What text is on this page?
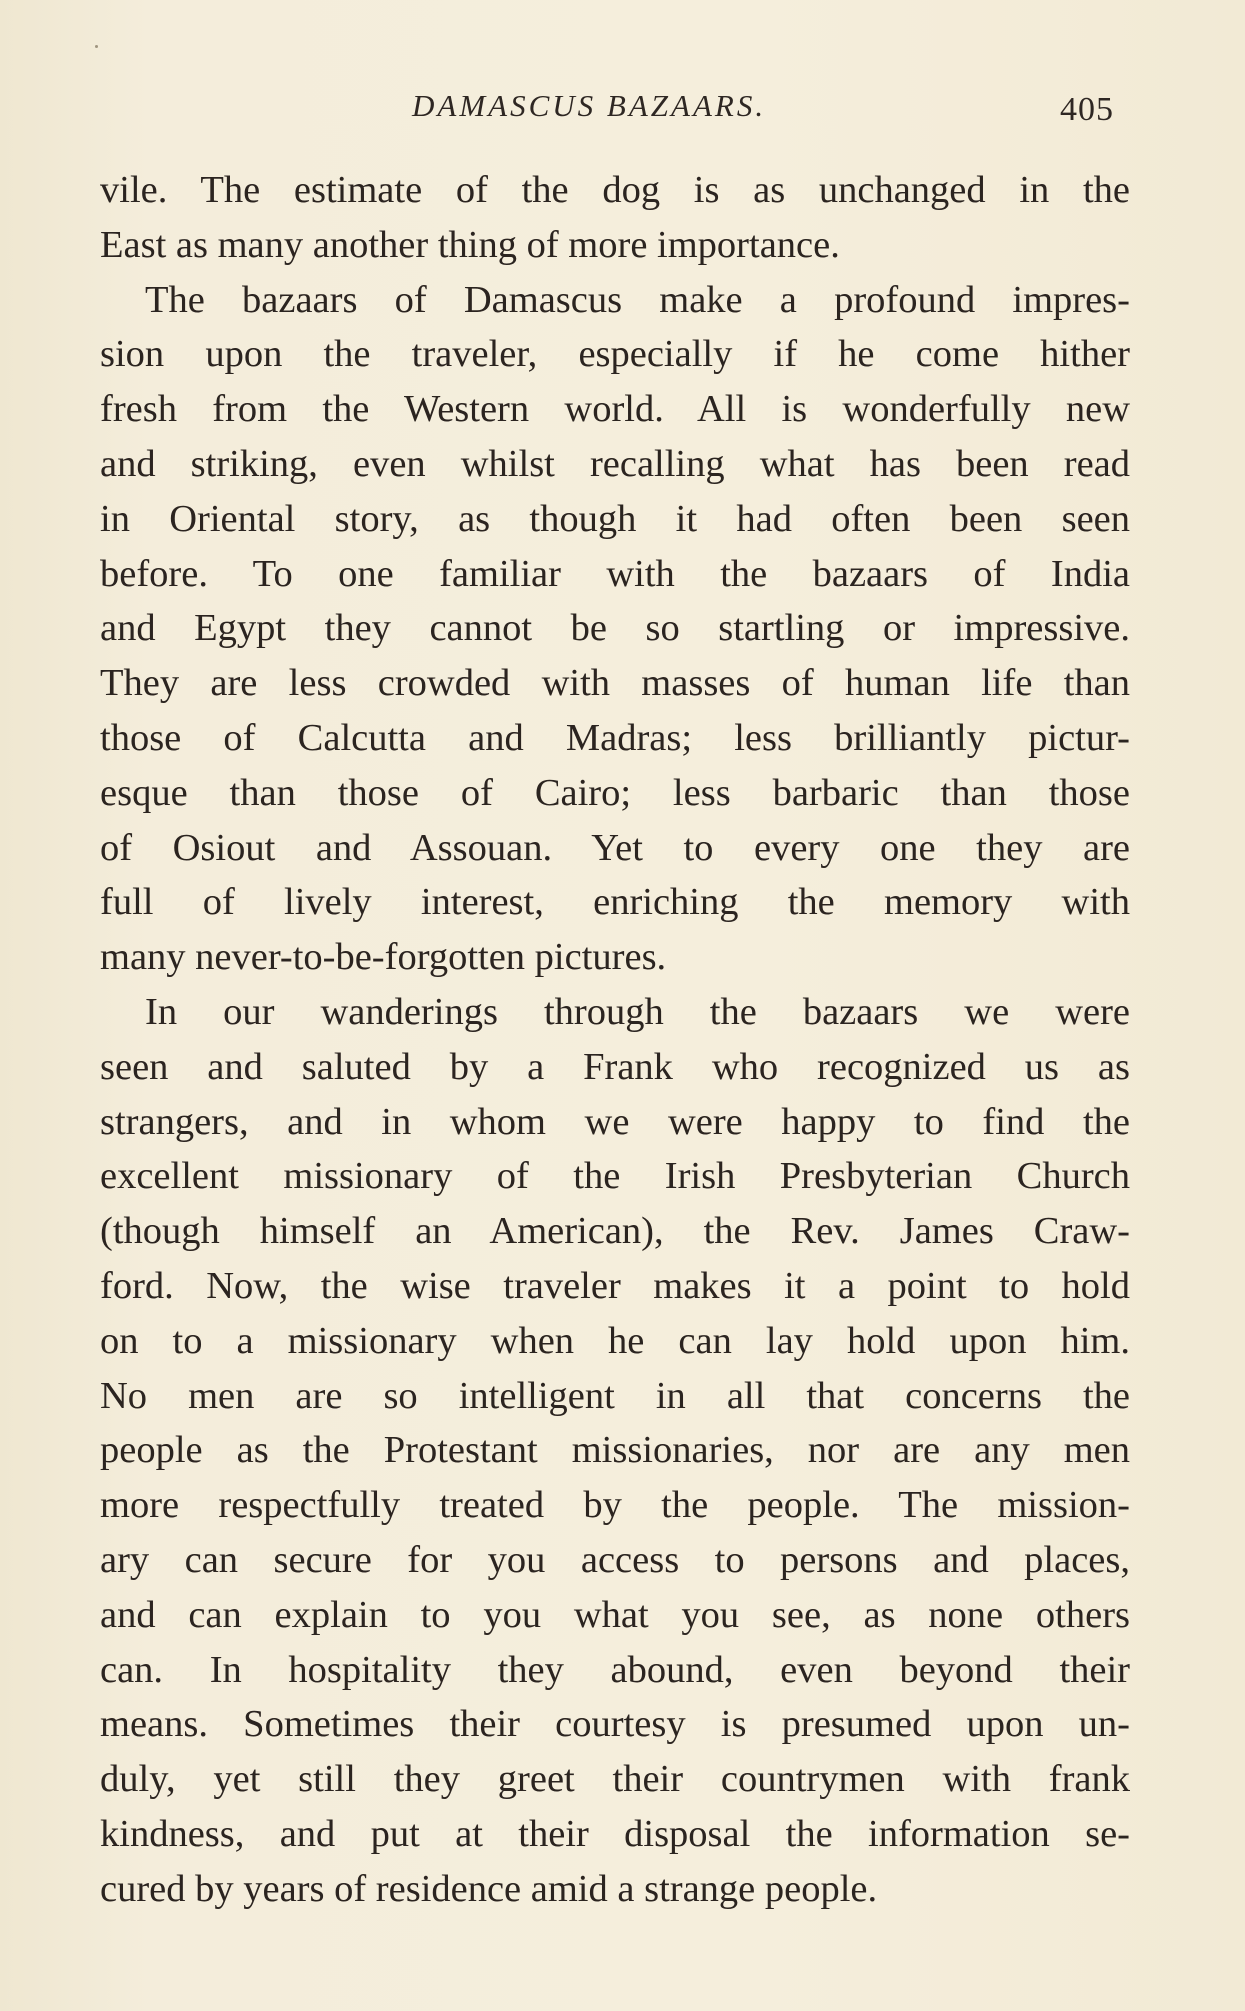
DAMASCUS BAZAARS.	405
vile. The estimate of the dog is as unchanged in the
East as many another thing of more importance.
The bazaars of Damascus make a profound impres-
sion upon the traveler, especially if he come hither
fresh from the Western world. All is wonderfully new
and striking, even whilst recalling what has been read
in Oriental story, as though it had often been seen
before. To one familiar with the bazaars of India
and Egypt they cannot be so startling or impressive.
They are less crowded with masses of human life than
those of Calcutta and Madras; less brilliantly pictur-
esque than those of Cairo; less barbaric than those
of Osiout and Assouan. Yet to every one they are
full of lively interest, enriching the memory with
many never-to-be-forgotten pictures.
In our wanderings through the bazaars we were
seen and saluted by a Frank who recognized us as
strangers, and in whom we were happy to find the
excellent missionary of the Irish Presbyterian Church
(though himself an American), the Rev. James Craw-
ford. Now, the wise traveler makes it a point to hold
on to a missionary when he can lay hold upon him.
No men are so intelligent in all that concerns the
people as the Protestant missionaries, nor are any men
more respectfully treated by the people. The mission-
ary can secure for you access to persons and places,
and can explain to you what you see, as none others
can. In hospitality they abound, even beyond their
means. Sometimes their courtesy is presumed upon un-
duly, yet still they greet their countrymen with frank
kindness, and put at their disposal the information se-
cured by years of residence amid a strange people.
